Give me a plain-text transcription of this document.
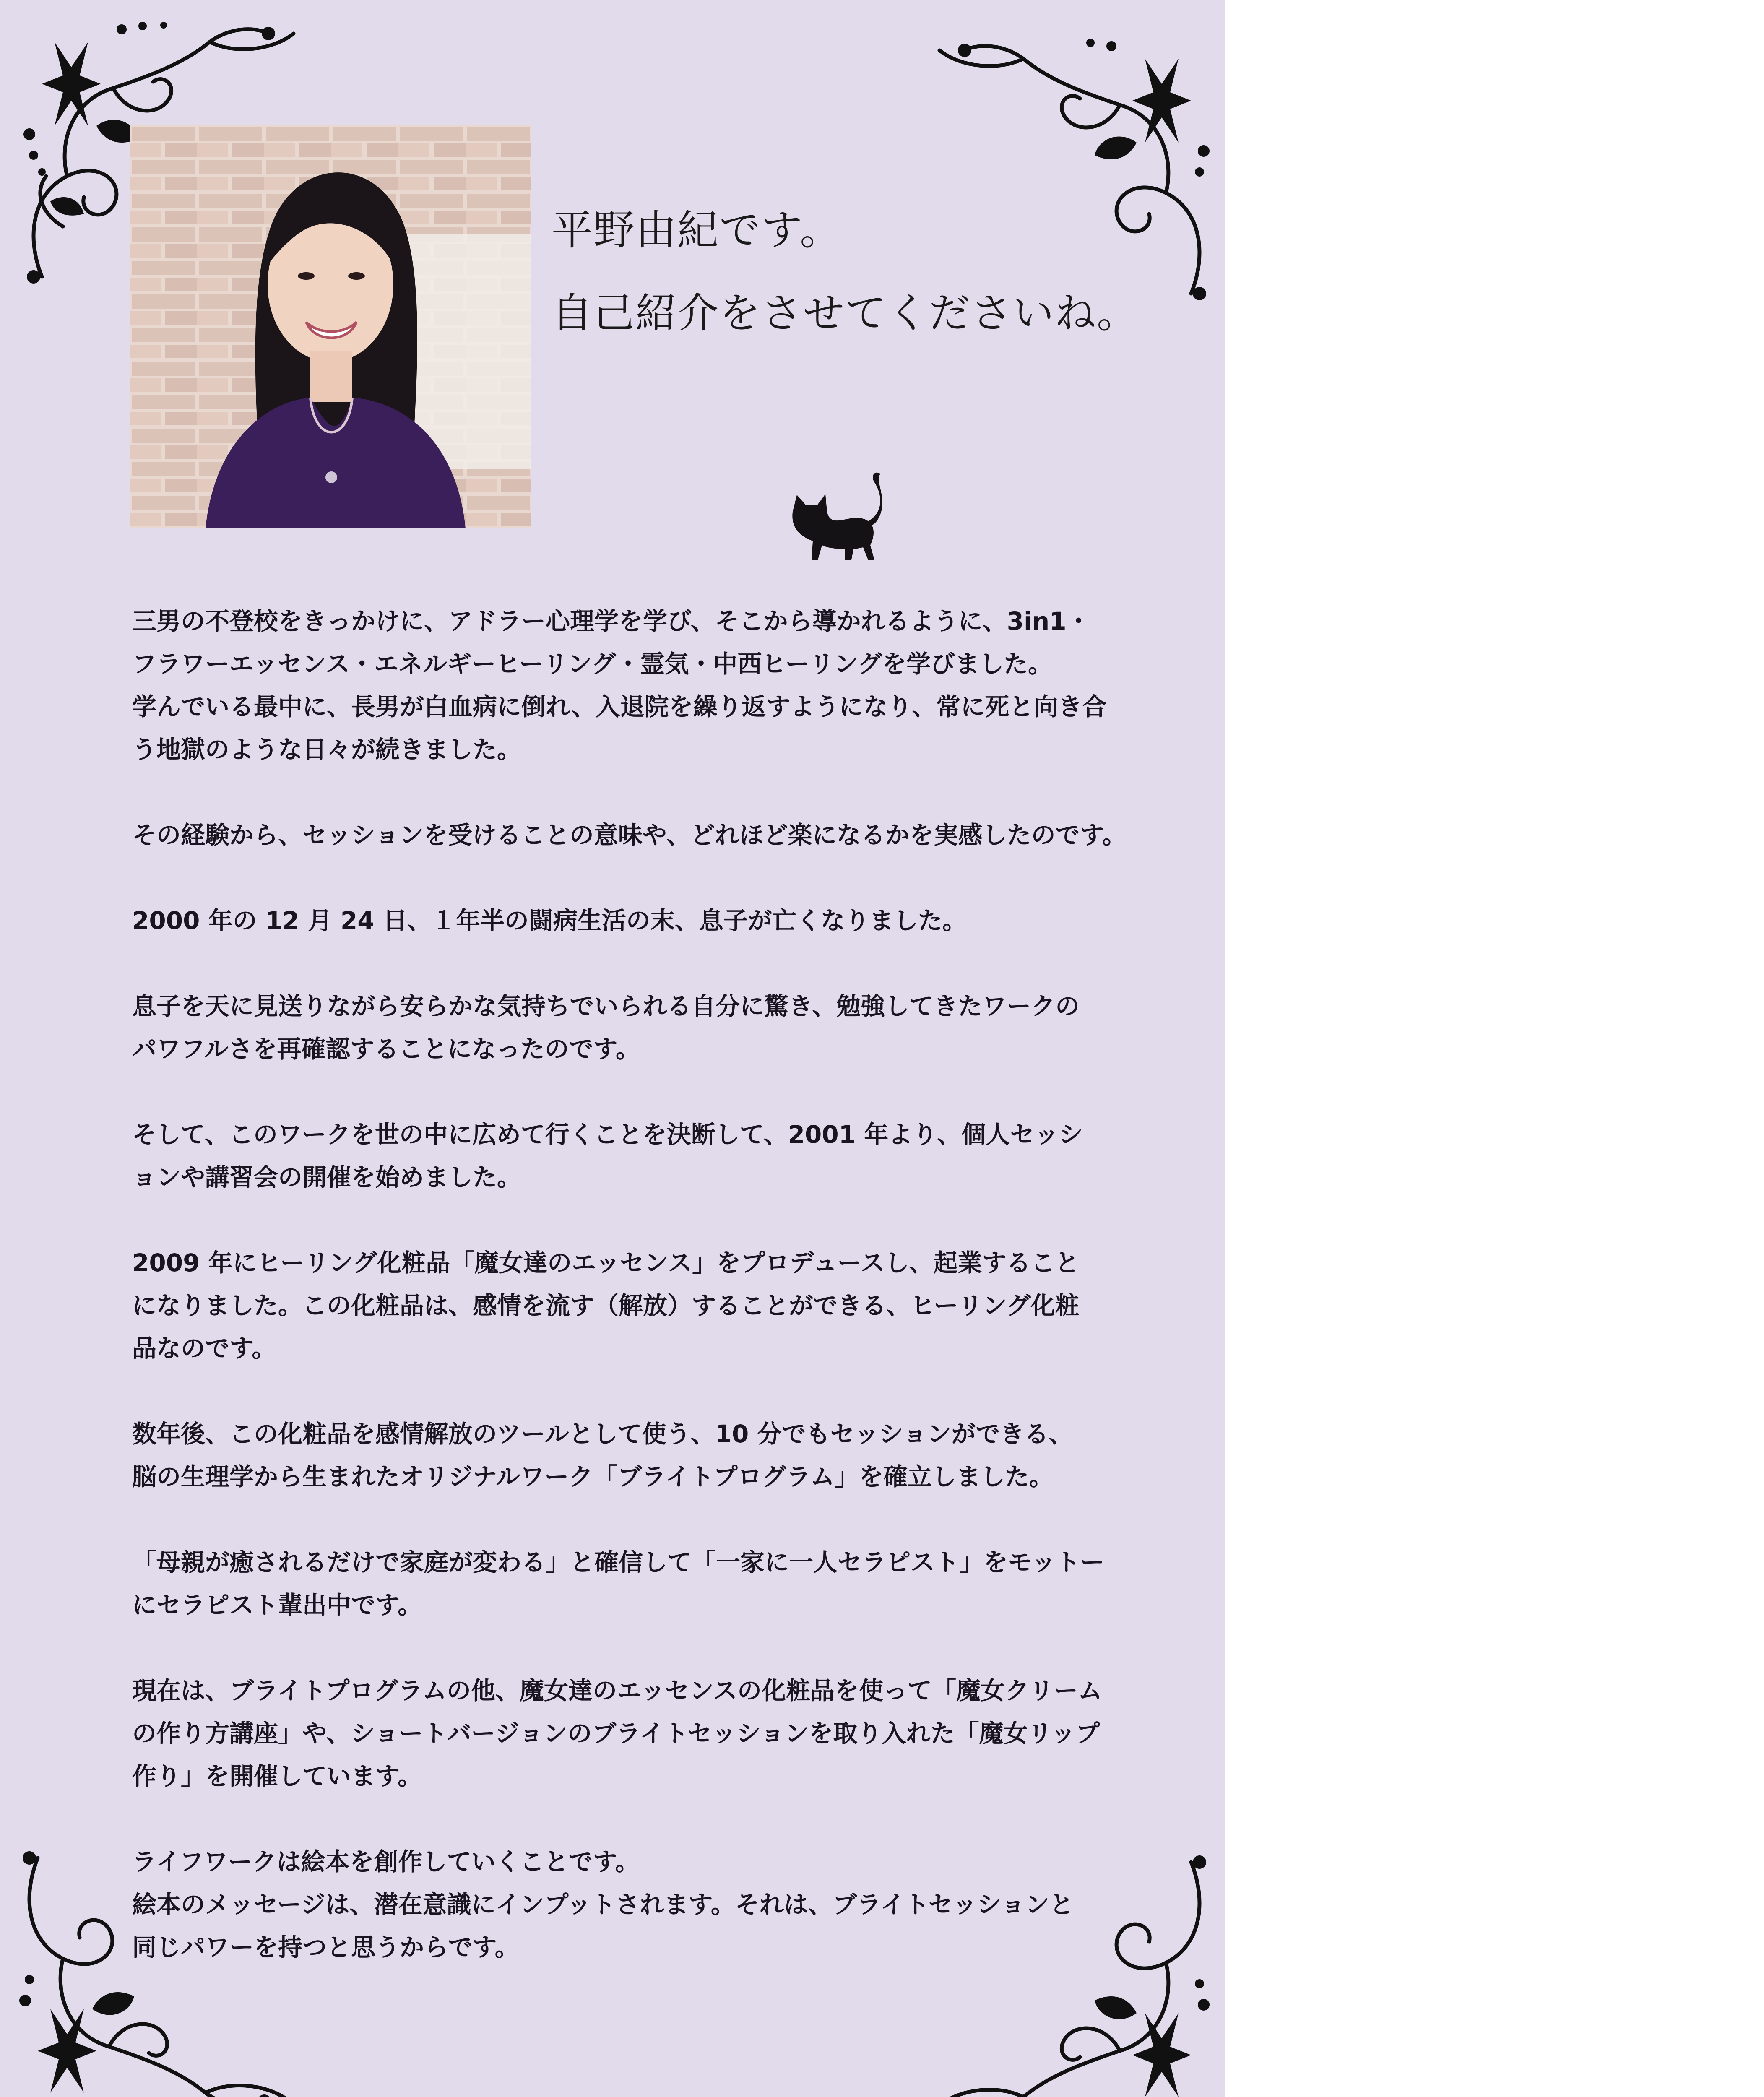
平野由紀です。
自己紹介をさせてくださいね。
三男の不登校をきっかけに、アドラー心理学を学び、そこから導かれるように、3in1・
フラワーエッセンス・エネルギーヒーリング・霊気・中西ヒーリングを学びました。
学んでいる最中に、長男が白血病に倒れ、入退院を繰り返すようになり、常に死と向き合
う地獄のような日々が続きました。
その経験から、セッションを受けることの意味や、どれほど楽になるかを実感したのです。
2000 年の 12 月 24 日、１年半の闘病生活の末、息子が亡くなりました。
息子を天に見送りながら安らかな気持ちでいられる自分に驚き、勉強してきたワークの
パワフルさを再確認することになったのです。
そして、このワークを世の中に広めて行くことを決断して、2001 年より、個人セッシ
ョンや講習会の開催を始めました。
2009 年にヒーリング化粧品「魔女達のエッセンス」をプロデュースし、起業すること
になりました。この化粧品は、感情を流す（解放）することができる、ヒーリング化粧
品なのです。
数年後、この化粧品を感情解放のツールとして使う、10 分でもセッションができる、
脳の生理学から生まれたオリジナルワーク「ブライトプログラム」を確立しました。
「母親が癒されるだけで家庭が変わる」と確信して「一家に一人セラピスト」をモットー
にセラピスト輩出中です。
現在は、ブライトプログラムの他、魔女達のエッセンスの化粧品を使って「魔女クリーム
の作り方講座」や、ショートバージョンのブライトセッションを取り入れた「魔女リップ
作り」を開催しています。
ライフワークは絵本を創作していくことです。
絵本のメッセージは、潜在意識にインプットされます。それは、ブライトセッションと
同じパワーを持つと思うからです。
